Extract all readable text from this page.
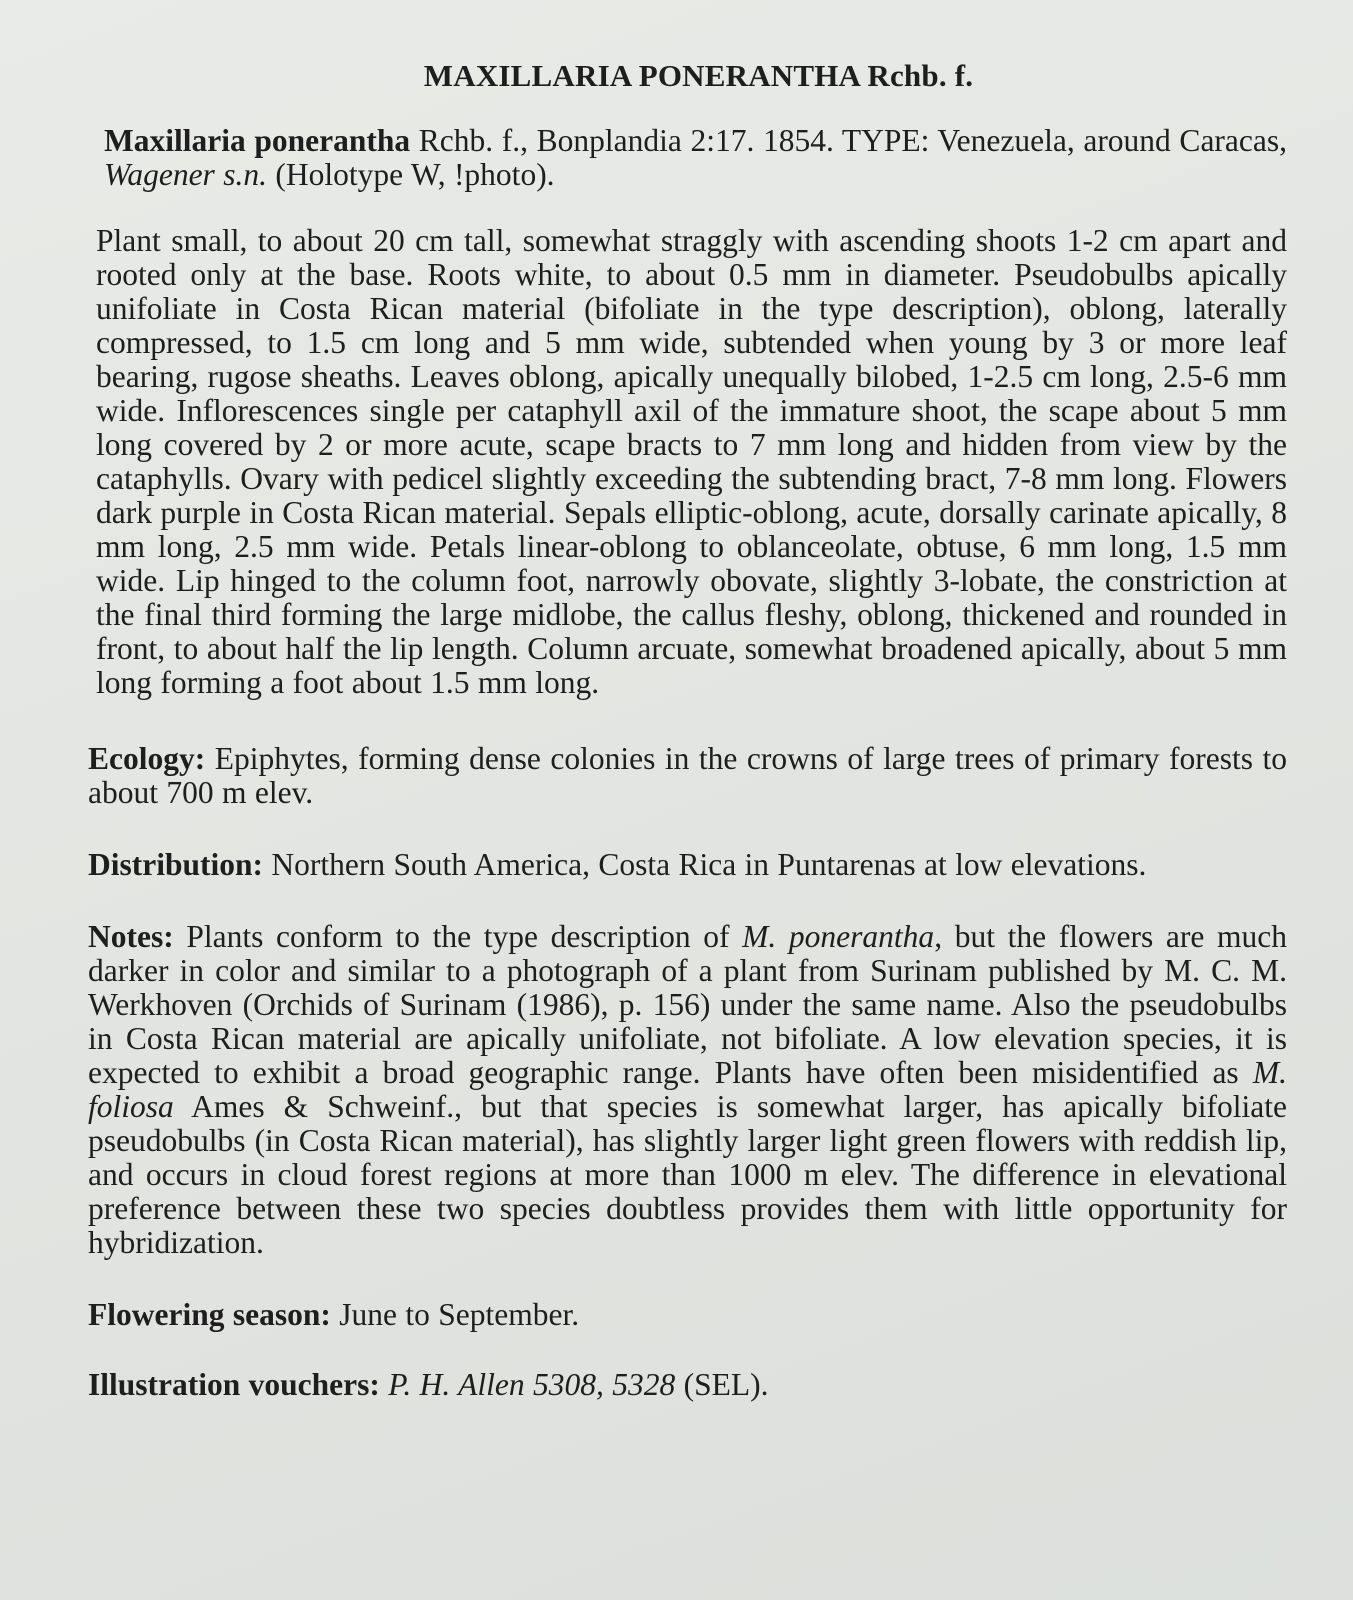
MAXILLARIA PONERANTHA Rchb. f.

Maxillaria ponerantha Rchb. f., Bonplandia 2:17. 1854. TYPE: Venezuela, around Caracas, Wagener s.n. (Holotype W, !photo).

Plant small, to about 20 cm tall, somewhat straggly with ascending shoots 1-2 cm apart and rooted only at the base. Roots white, to about 0.5 mm in diameter. Pseudobulbs apically unifoliate in Costa Rican material (bifoliate in the type description), oblong, laterally compressed, to 1.5 cm long and 5 mm wide, subtended when young by 3 or more leaf bearing, rugose sheaths. Leaves oblong, apically unequally bilobed, 1-2.5 cm long, 2.5-6 mm wide. Inflorescences single per cataphyll axil of the immature shoot, the scape about 5 mm long covered by 2 or more acute, scape bracts to 7 mm long and hidden from view by the cataphylls. Ovary with pedicel slightly exceeding the subtending bract, 7-8 mm long. Flowers dark purple in Costa Rican material. Sepals elliptic-oblong, acute, dorsally carinate apically, 8 mm long, 2.5 mm wide. Petals linear-oblong to oblanceolate, obtuse, 6 mm long, 1.5 mm wide. Lip hinged to the column foot, narrowly obovate, slightly 3-lobate, the constriction at the final third forming the large midlobe, the callus fleshy, oblong, thickened and rounded in front, to about half the lip length. Column arcuate, somewhat broadened apically, about 5 mm long forming a foot about 1.5 mm long.

Ecology: Epiphytes, forming dense colonies in the crowns of large trees of primary forests to about 700 m elev.

Distribution: Northern South America, Costa Rica in Puntarenas at low elevations.

Notes: Plants conform to the type description of M. ponerantha, but the flowers are much darker in color and similar to a photograph of a plant from Surinam published by M. C. M. Werkhoven (Orchids of Surinam (1986), p. 156) under the same name. Also the pseudobulbs in Costa Rican material are apically unifoliate, not bifoliate. A low elevation species, it is expected to exhibit a broad geographic range. Plants have often been misidentified as M. foliosa Ames & Schweinf., but that species is somewhat larger, has apically bifoliate pseudobulbs (in Costa Rican material), has slightly larger light green flowers with reddish lip, and occurs in cloud forest regions at more than 1000 m elev. The difference in elevational preference between these two species doubtless provides them with little opportunity for hybridization.

Flowering season: June to September.

Illustration vouchers: P. H. Allen 5308, 5328 (SEL).
